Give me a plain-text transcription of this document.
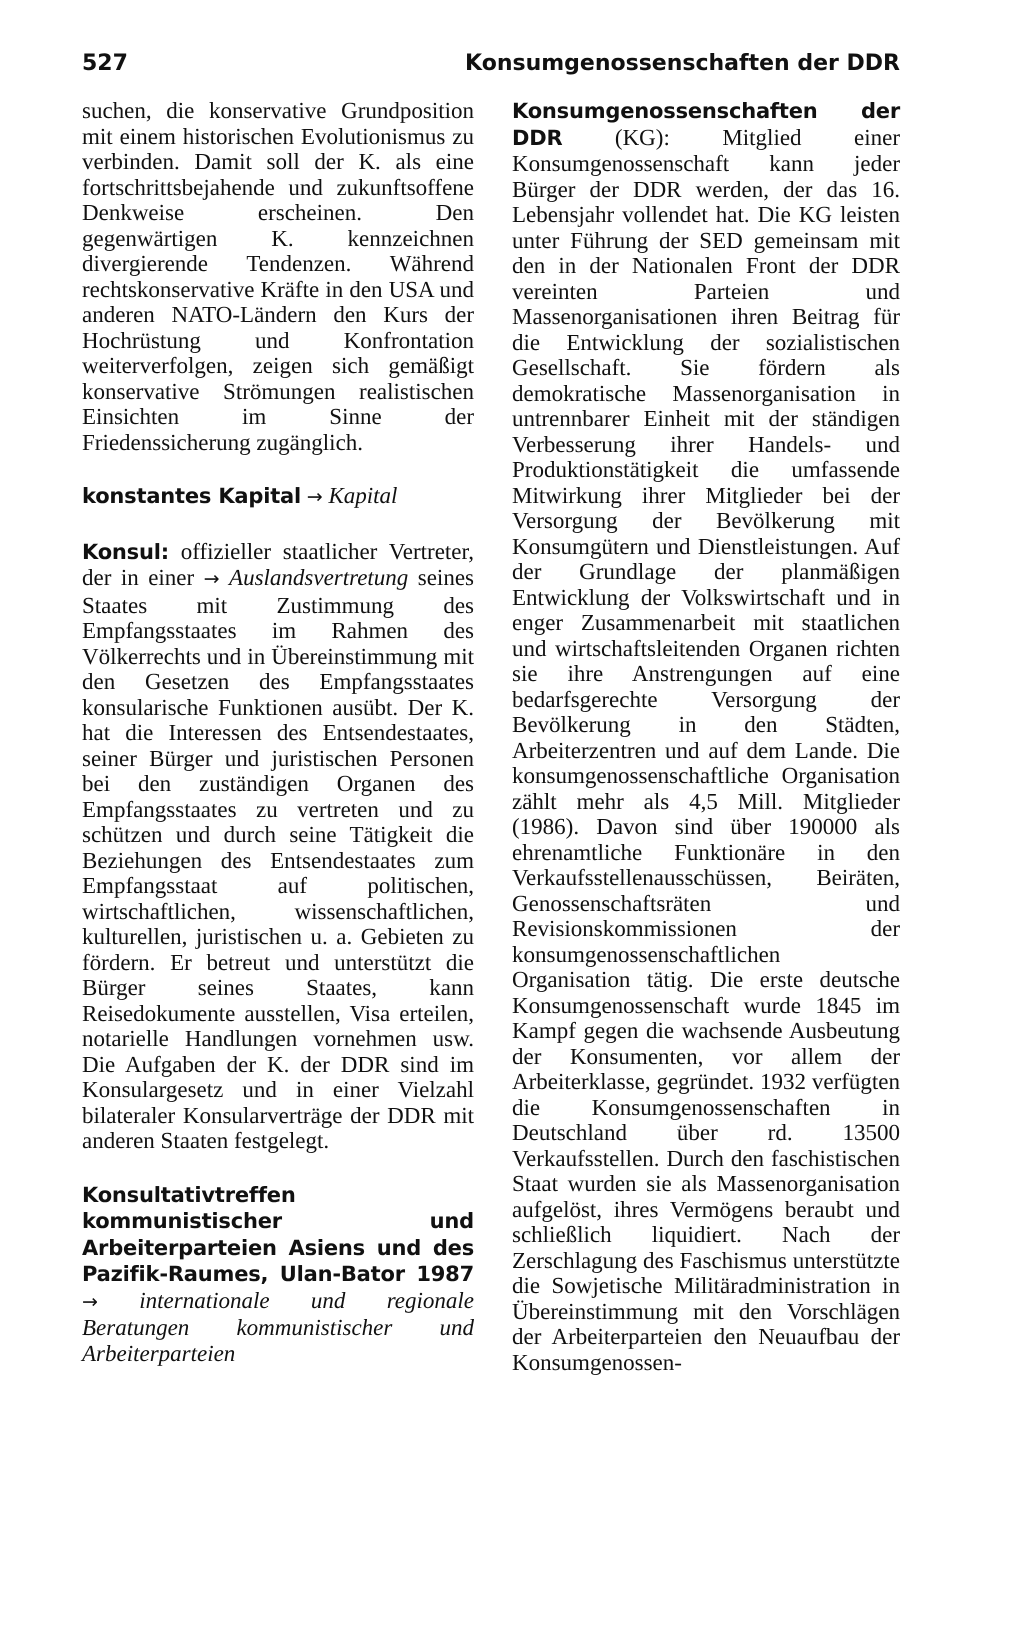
527	Konsumgenossenschaften der DDR

suchen, die konservative Grundposition mit einem historischen Evolutionismus zu verbinden. Damit soll der K. als eine fortschrittsbejahende und zukunftsoffene Denkweise erscheinen. Den gegenwärtigen K. kennzeichnen divergierende Tendenzen. Während rechtskonservative Kräfte in den USA und anderen NATO-Ländern den Kurs der Hochrüstung und Konfrontation weiterverfolgen, zeigen sich gemäßigt konservative Strömungen realistischen Einsichten im Sinne der Friedenssicherung zugänglich.

konstantes Kapital → Kapital

Konsul: offizieller staatlicher Vertreter, der in einer → Auslandsvertretung seines Staates mit Zustimmung des Empfangsstaates im Rahmen des Völkerrechts und in Übereinstimmung mit den Gesetzen des Empfangsstaates konsularische Funktionen ausübt. Der K. hat die Interessen des Entsendestaates, seiner Bürger und juristischen Personen bei den zuständigen Organen des Empfangsstaates zu vertreten und zu schützen und durch seine Tätigkeit die Beziehungen des Entsendestaates zum Empfangsstaat auf politischen, wirtschaftlichen, wissenschaftlichen, kulturellen, juristischen u. a. Gebieten zu fördern. Er betreut und unterstützt die Bürger seines Staates, kann Reisedokumente ausstellen, Visa erteilen, notarielle Handlungen vornehmen usw. Die Aufgaben der K. der DDR sind im Konsulargesetz und in einer Vielzahl bilateraler Konsularverträge der DDR mit anderen Staaten festgelegt.

Konsultativtreffen kommunistischer und Arbeiterparteien Asiens und des Pazifik-Raumes, Ulan-Bator 1987 → internationale und regionale Beratungen kommunistischer und Arbeiterparteien

Konsumgenossenschaften der DDR (KG): Mitglied einer Konsumgenossenschaft kann jeder Bürger der DDR werden, der das 16. Lebensjahr vollendet hat. Die KG leisten unter Führung der SED gemeinsam mit den in der Nationalen Front der DDR vereinten Parteien und Massenorganisationen ihren Beitrag für die Entwicklung der sozialistischen Gesellschaft. Sie fördern als demokratische Massenorganisation in untrennbarer Einheit mit der ständigen Verbesserung ihrer Handels- und Produktionstätigkeit die umfassende Mitwirkung ihrer Mitglieder bei der Versorgung der Bevölkerung mit Konsumgütern und Dienstleistungen. Auf der Grundlage der planmäßigen Entwicklung der Volkswirtschaft und in enger Zusammenarbeit mit staatlichen und wirtschaftsleitenden Organen richten sie ihre Anstrengungen auf eine bedarfsgerechte Versorgung der Bevölkerung in den Städten, Arbeiterzentren und auf dem Lande. Die konsumgenossenschaftliche Organisation zählt mehr als 4,5 Mill. Mitglieder (1986). Davon sind über 190000 als ehrenamtliche Funktionäre in den Verkaufsstellenausschüssen, Beiräten, Genossenschaftsräten und Revisionskommissionen der konsumgenossenschaftlichen Organisation tätig. Die erste deutsche Konsumgenossenschaft wurde 1845 im Kampf gegen die wachsende Ausbeutung der Konsumenten, vor allem der Arbeiterklasse, gegründet. 1932 verfügten die Konsumgenossenschaften in Deutschland über rd. 13500 Verkaufsstellen. Durch den faschistischen Staat wurden sie als Massenorganisation aufgelöst, ihres Vermögens beraubt und schließlich liquidiert. Nach der Zerschlagung des Faschismus unterstützte die Sowjetische Militäradministration in Übereinstimmung mit den Vorschlägen der Arbeiterparteien den Neuaufbau der Konsumgenossen-
